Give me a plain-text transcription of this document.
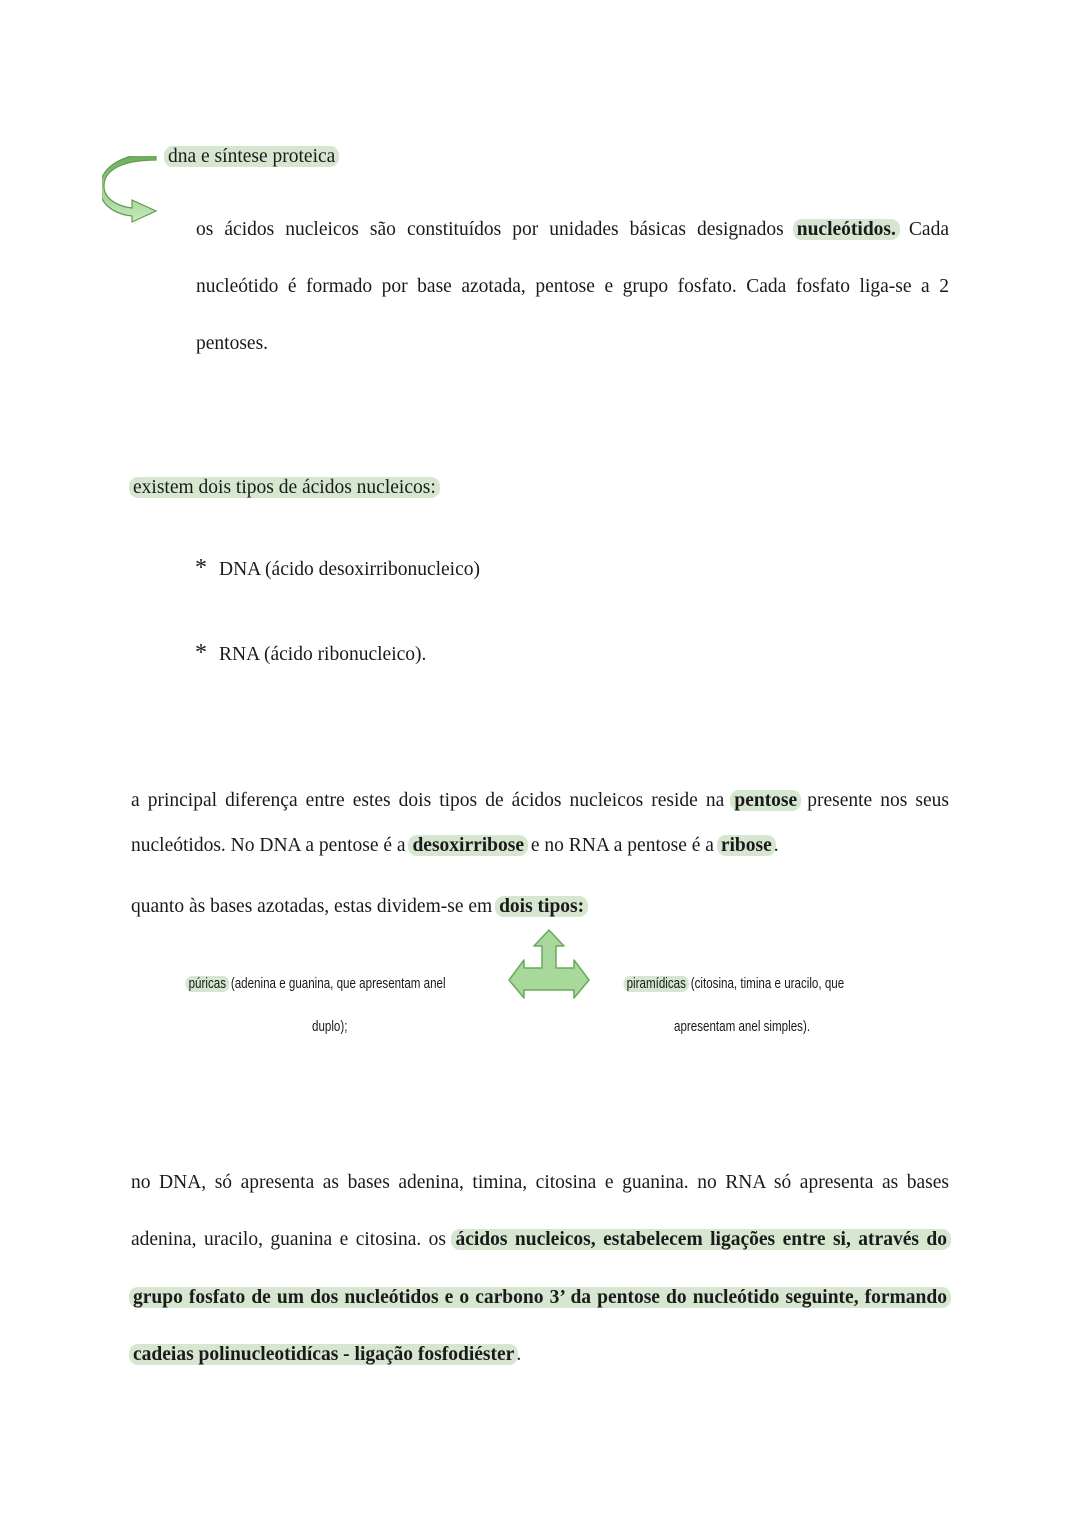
dna e síntese proteica
os ácidos nucleicos são constituídos por unidades básicas designados nucleótidos. Cada
nucleótido é formado por base azotada, pentose e grupo fosfato. Cada fosfato liga-se a 2
pentoses.
existem dois tipos de ácidos nucleicos:
* DNA (ácido desoxirribonucleico)
* RNA (ácido ribonucleico).
a principal diferença entre estes dois tipos de ácidos nucleicos reside na pentose presente nos seus
nucleótidos. No DNA a pentose é a desoxirribose e no RNA a pentose é a ribose .
quanto às bases azotadas, estas dividem-se em dois tipos:
púricas (adenina e guanina, que apresentam anel
duplo);
piramídicas (citosina, timina e uracilo, que
apresentam anel simples).
no DNA, só apresenta as bases adenina, timina, citosina e guanina. no RNA só apresenta as bases
adenina, uracilo, guanina e citosina. os ácidos nucleicos, estabelecem ligações entre si, através do
grupo fosfato de um dos nucleótidos e o carbono 3’ da pentose do nucleótido seguinte, formando
cadeias polinucleotidícas - ligação fosfodiéster .
